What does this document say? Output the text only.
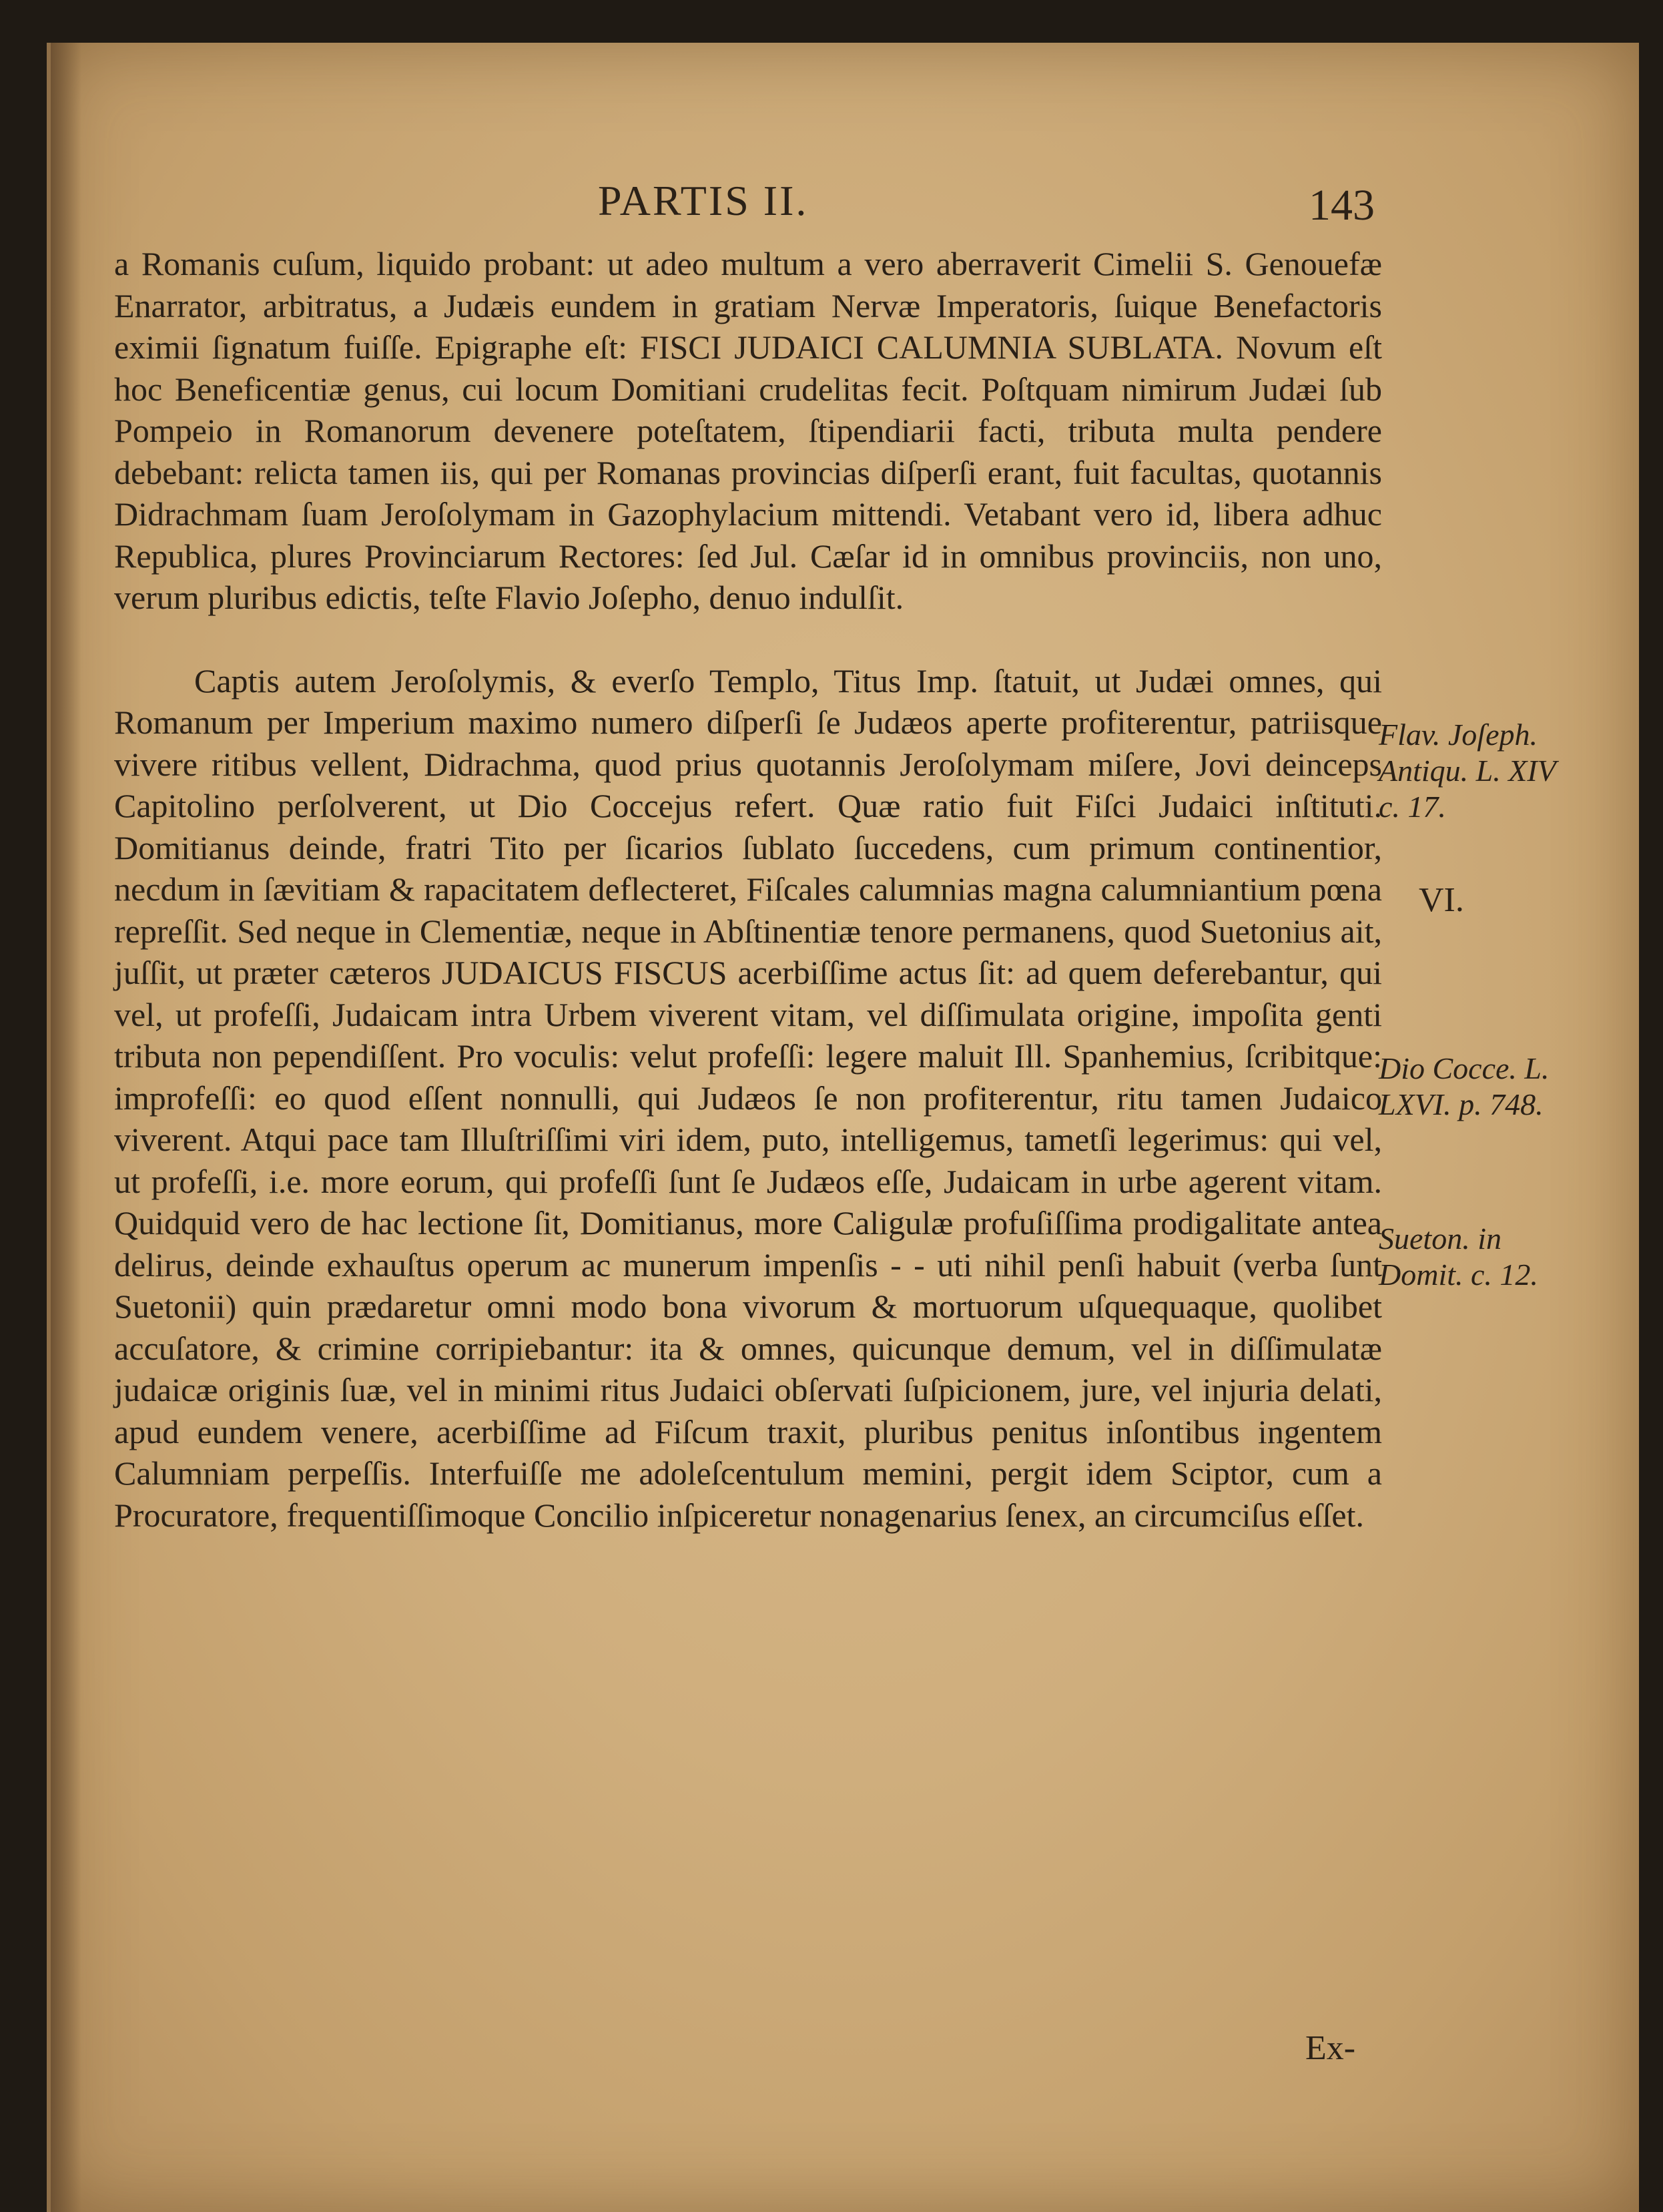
PARTIS II.	143

a Romanis cuſum, liquido probant: ut adeo multum a vero aberraverit Cimelii S. Genouefæ Enarrator, arbitratus, a Judæis eundem in gratiam Nervæ Imperatoris, ſuique Benefactoris eximii ſignatum fuiſſe. Epigraphe eſt: FISCI JUDAICI CALUMNIA SUBLATA. Novum eſt hoc Beneficentiæ genus, cui locum Domitiani crudelitas fecit. Poſtquam nimirum Judæi ſub Pompeio in Romanorum devenere poteſtatem, ſtipendiarii facti, tributa multa pendere debebant: relicta tamen iis, qui per Romanas provincias diſperſi erant, fuit facultas, quotannis Didrachmam ſuam Jeroſolymam in Gazophylacium mittendi. Vetabant vero id, libera adhuc Republica, plures Provinciarum Rectores: ſed Jul. Cæſar id in omnibus provinciis, non uno, verum pluribus edictis, teſte Flavio Joſepho, denuo indulſit.

Captis autem Jeroſolymis, & everſo Templo, Titus Imp. ſtatuit, ut Judæi omnes, qui Romanum per Imperium maximo numero diſperſi ſe Judæos aperte profiterentur, patriisque vivere ritibus vellent, Didrachma, quod prius quotannis Jeroſolymam miſere, Jovi deinceps Capitolino perſolverent, ut Dio Coccejus refert. Quæ ratio fuit Fiſci Judaici inſtituti. Domitianus deinde, fratri Tito per ſicarios ſublato ſuccedens, cum primum continentior, necdum in ſævitiam & rapacitatem deflecteret, Fiſcales calumnias magna calumniantium pœna repreſſit. Sed neque in Clementiæ, neque in Abſtinentiæ tenore permanens, quod Suetonius ait, juſſit, ut præter cæteros JUDAICUS FISCUS acerbiſſime actus ſit: ad quem deferebantur, qui vel, ut profeſſi, Judaicam intra Urbem viverent vitam, vel diſſimulata origine, impoſita genti tributa non pependiſſent. Pro voculis: velut profeſſi: legere maluit Ill. Spanhemius, ſcribitque: improfeſſi: eo quod eſſent nonnulli, qui Judæos ſe non profiterentur, ritu tamen Judaico viverent. Atqui pace tam Illuſtriſſimi viri idem, puto, intelligemus, tametſi legerimus: qui vel, ut profeſſi, i.e. more eorum, qui profeſſi ſunt ſe Judæos eſſe, Judaicam in urbe agerent vitam. Quidquid vero de hac lectione ſit, Domitianus, more Caligulæ profuſiſſima prodigalitate antea delirus, deinde exhauſtus operum ac munerum impenſis - - uti nihil penſi habuit (verba ſunt Suetonii) quin prædaretur omni modo bona vivorum & mortuorum uſquequaque, quolibet accuſatore, & crimine corripiebantur: ita & omnes, quicunque demum, vel in diſſimulatæ judaicæ originis ſuæ, vel in minimi ritus Judaici obſervati ſuſpicionem, jure, vel injuria delati, apud eundem venere, acerbiſſime ad Fiſcum traxit, pluribus penitus inſontibus ingentem Calumniam perpeſſis. Interfuiſſe me adoleſcentulum memini, pergit idem Sciptor, cum a Procuratore, frequentiſſimoque Concilio inſpiceretur nonagenarius ſenex, an circumciſus eſſet.

Flav. Joſeph. Antiqu. L. XIV c. 17.
VI.
Dio Cocce. L. LXVI. p. 748.
Sueton. in Domit. c. 12.
Ex-
